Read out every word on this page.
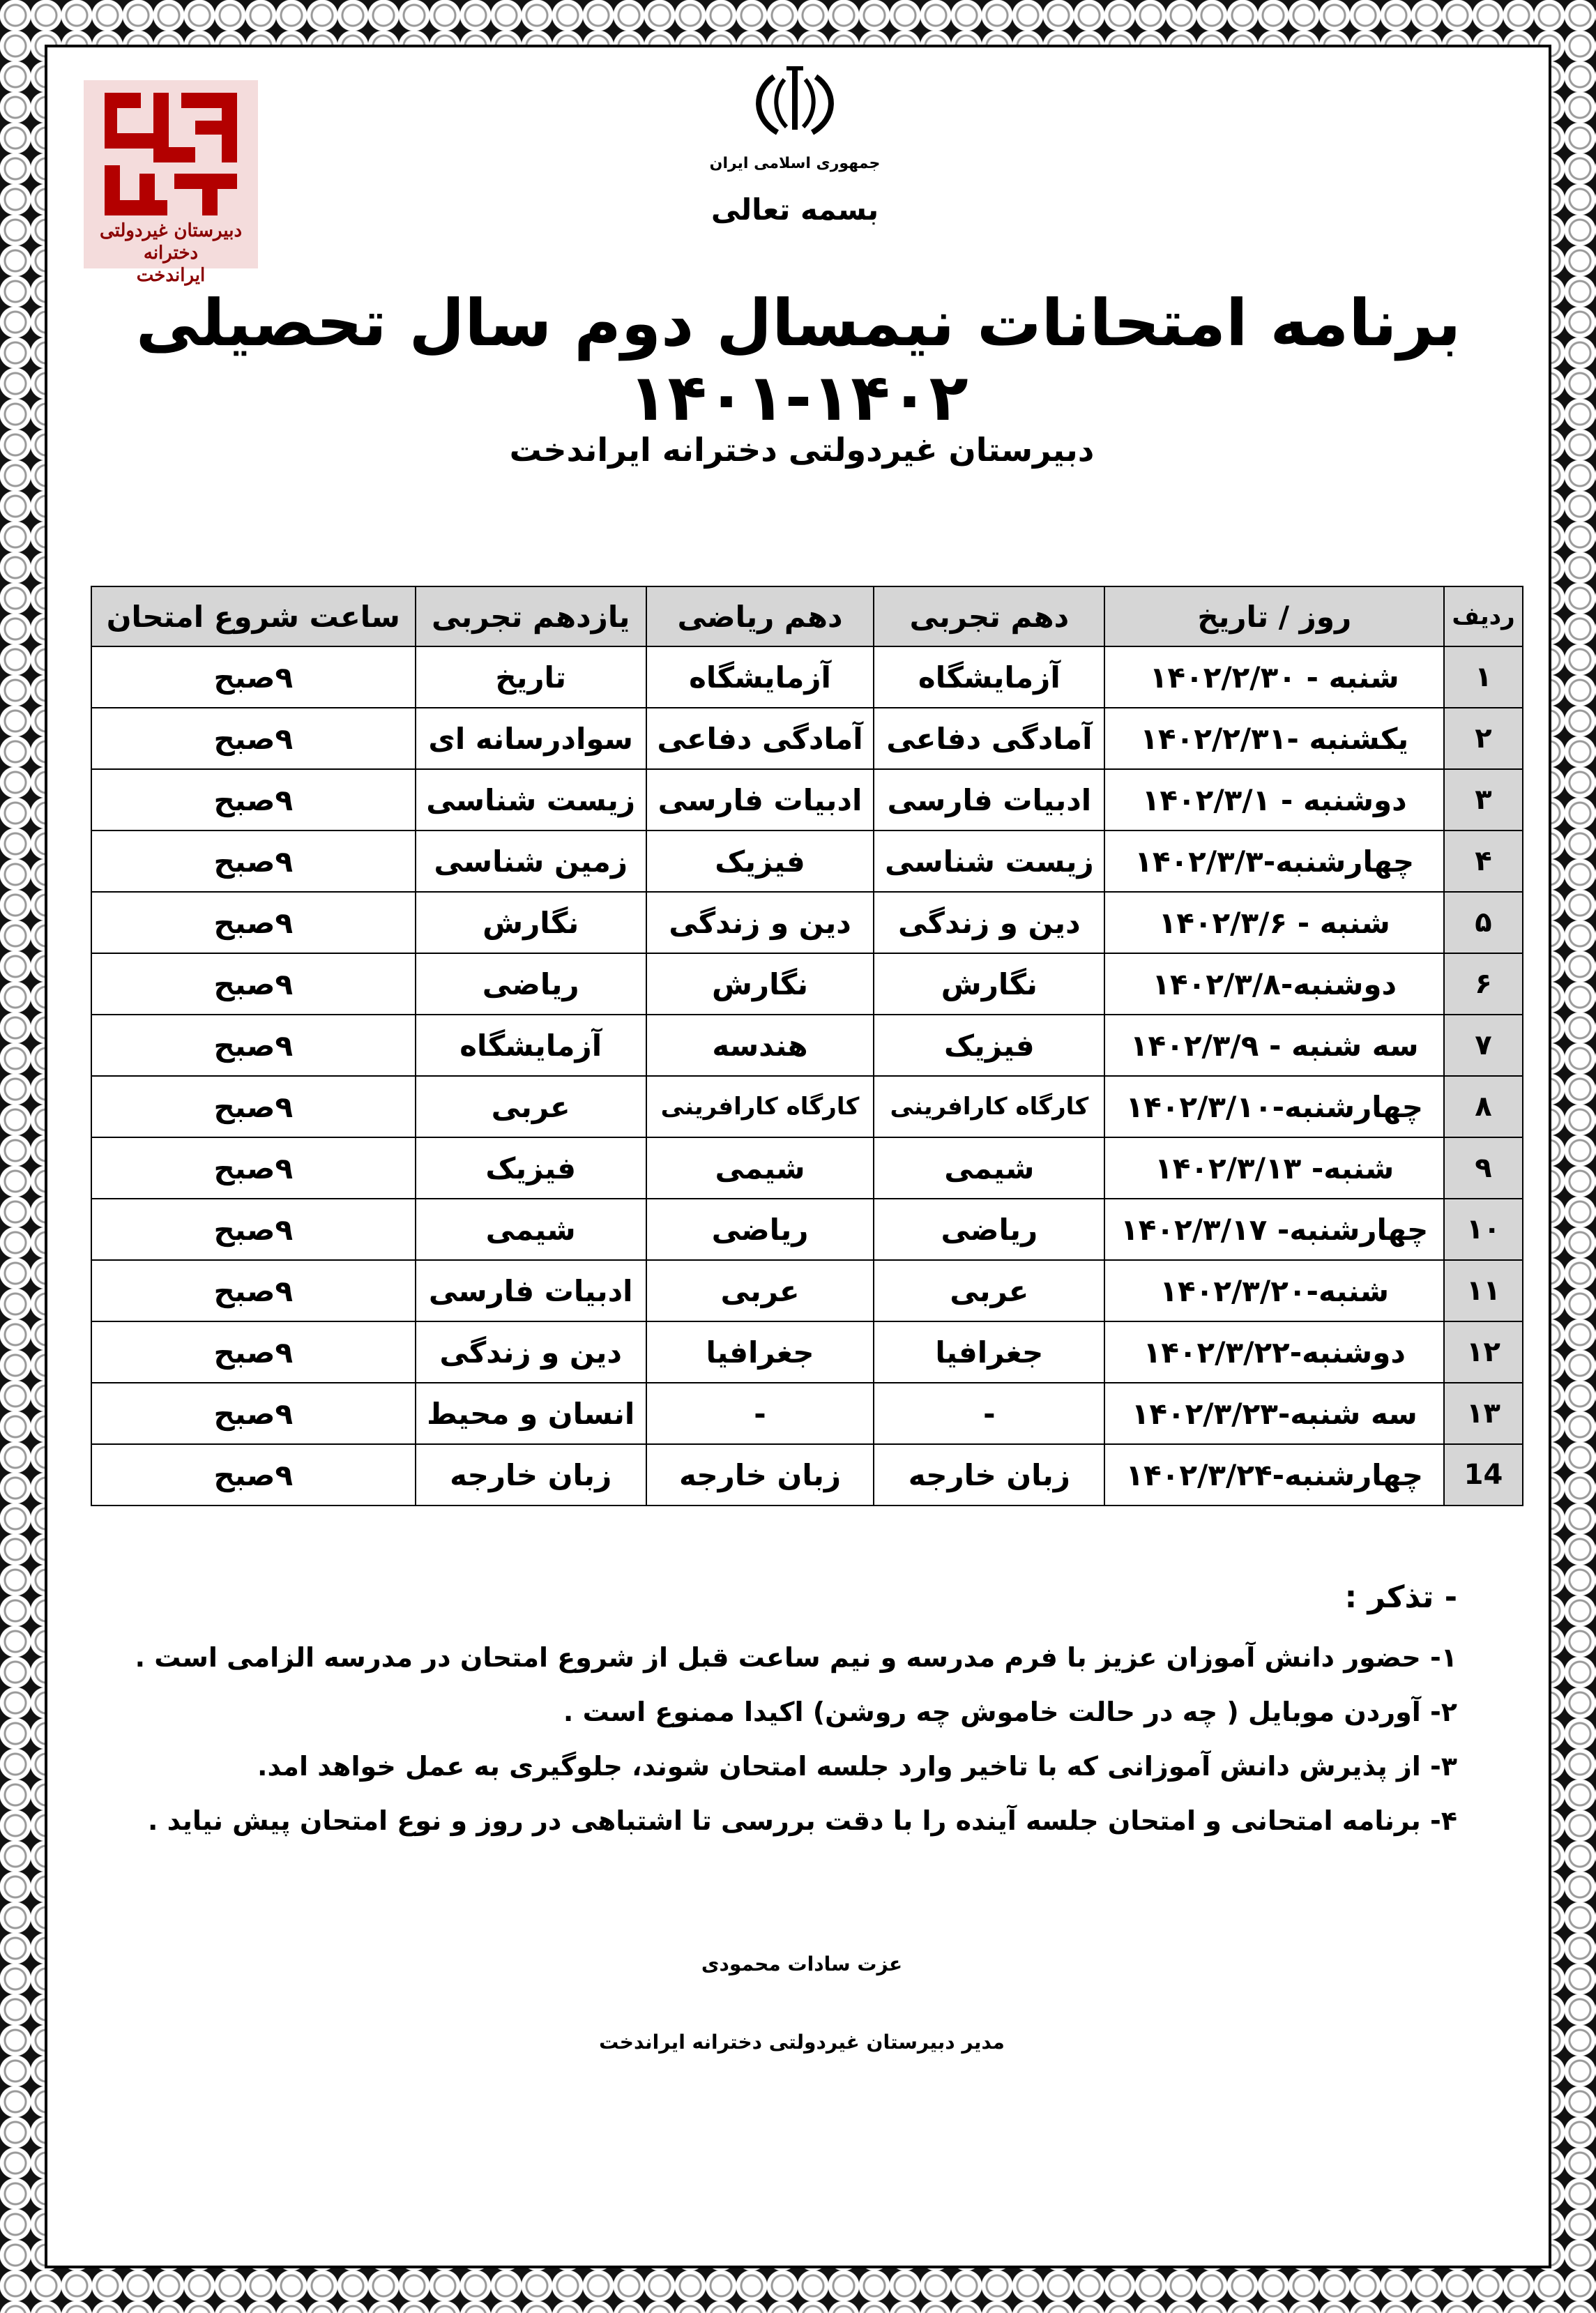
دبیرستان غیردولتی دخترانه
ایراندخت
جمهوری اسلامی ایران
بسمه تعالی
برنامه امتحانات نیمسال دوم سال تحصیلی ۱۴۰۲-۱۴۰۱
دبیرستان غیردولتی دخترانه ایراندخت
ردیف	روز / تاریخ	دهم تجربی	دهم ریاضی	یازدهم تجربی	ساعت شروع امتحان
۱	شنبه - ۱۴۰۲/۲/۳۰	آزمایشگاه	آزمایشگاه	تاریخ	۹صبح
۲	یکشنبه -۱۴۰۲/۲/۳۱	آمادگی دفاعی	آمادگی دفاعی	سوادرسانه ای	۹صبح
۳	دوشنبه - ۱۴۰۲/۳/۱	ادبیات فارسی	ادبیات فارسی	زیست شناسی	۹صبح
۴	چهارشنبه-۱۴۰۲/۳/۳	زیست شناسی	فیزیک	زمین شناسی	۹صبح
۵	شنبه - ۱۴۰۲/۳/۶	دین و زندگی	دین و زندگی	نگارش	۹صبح
۶	دوشنبه-۱۴۰۲/۳/۸	نگارش	نگارش	ریاضی	۹صبح
۷	سه شنبه - ۱۴۰۲/۳/۹	فیزیک	هندسه	آزمایشگاه	۹صبح
۸	چهارشنبه-۱۴۰۲/۳/۱۰	کارگاه کارافرینی	کارگاه کارافرینی	عربی	۹صبح
۹	شنبه- ۱۴۰۲/۳/۱۳	شیمی	شیمی	فیزیک	۹صبح
۱۰	چهارشنبه- ۱۴۰۲/۳/۱۷	ریاضی	ریاضی	شیمی	۹صبح
۱۱	شنبه-۱۴۰۲/۳/۲۰	عربی	عربی	ادبیات فارسی	۹صبح
۱۲	دوشنبه-۱۴۰۲/۳/۲۲	جغرافیا	جغرافیا	دین و زندگی	۹صبح
۱۳	سه شنبه-۱۴۰۲/۳/۲۳	-	-	انسان و محیط	۹صبح
14	چهارشنبه-۱۴۰۲/۳/۲۴	زبان خارجه	زبان خارجه	زبان خارجه	۹صبح
- تذکر :
۱- حضور دانش آموزان عزیز با فرم مدرسه و نیم ساعت قبل از شروع امتحان در مدرسه الزامی است .
۲- آوردن موبایل ( چه در حالت خاموش چه روشن) اکیدا ممنوع است .
۳- از پذیرش دانش آموزانی که با تاخیر وارد جلسه امتحان شوند، جلوگیری به عمل خواهد امد.
۴- برنامه امتحانی و امتحان جلسه آینده را با دقت بررسی تا اشتباهی در روز و نوع امتحان پیش نیاید .
عزت سادات محمودی
مدیر دبیرستان غیردولتی دخترانه ایراندخت
